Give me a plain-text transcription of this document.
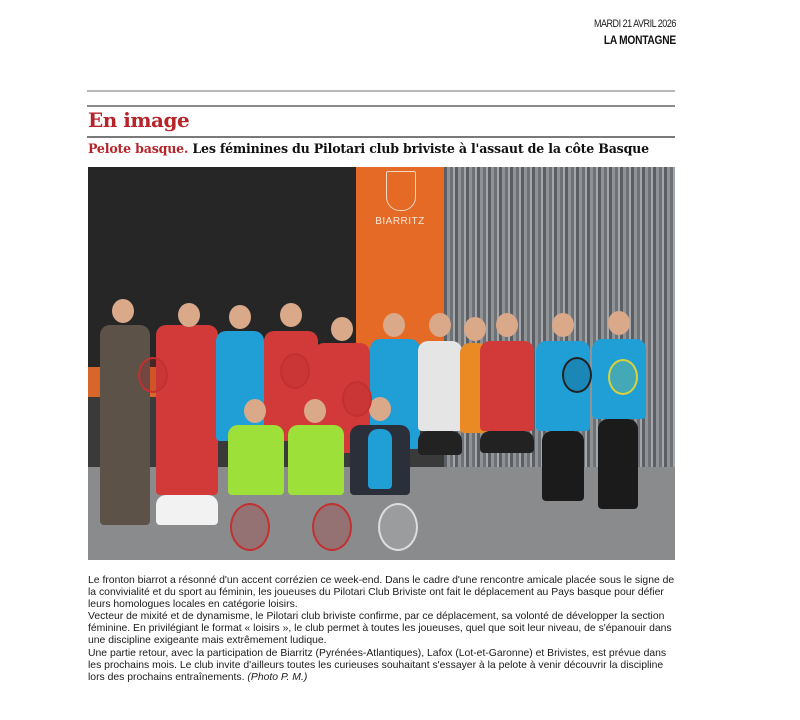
MARDI 21 AVRIL 2026
LA MONTAGNE
En image
Pelote basque. Les féminines du Pilotari club briviste à l'assaut de la côte Basque
BIARRITZ

Le fronton biarrot a résonné d'un accent corrézien ce week-end. Dans le cadre d'une rencontre amicale placée sous le signe de la convivialité et du sport au féminin, les joueuses du Pilotari Club Briviste ont fait le déplacement au Pays basque pour défier leurs homologues locales en catégorie loisirs.

Vecteur de mixité et de dynamisme, le Pilotari club briviste confirme, par ce déplacement, sa volonté de développer la section féminine. En privilégiant le format « loisirs », le club permet à toutes les joueuses, quel que soit leur niveau, de s'épanouir dans une discipline exigeante mais extrêmement ludique.

Une partie retour, avec la participation de Biarritz (Pyrénées-Atlantiques), Lafox (Lot-et-Garonne) et Brivistes, est prévue dans les prochains mois. Le club invite d'ailleurs toutes les curieuses souhaitant s'essayer à la pelote à venir découvrir la discipline lors des prochains entraînements. (Photo P. M.)
